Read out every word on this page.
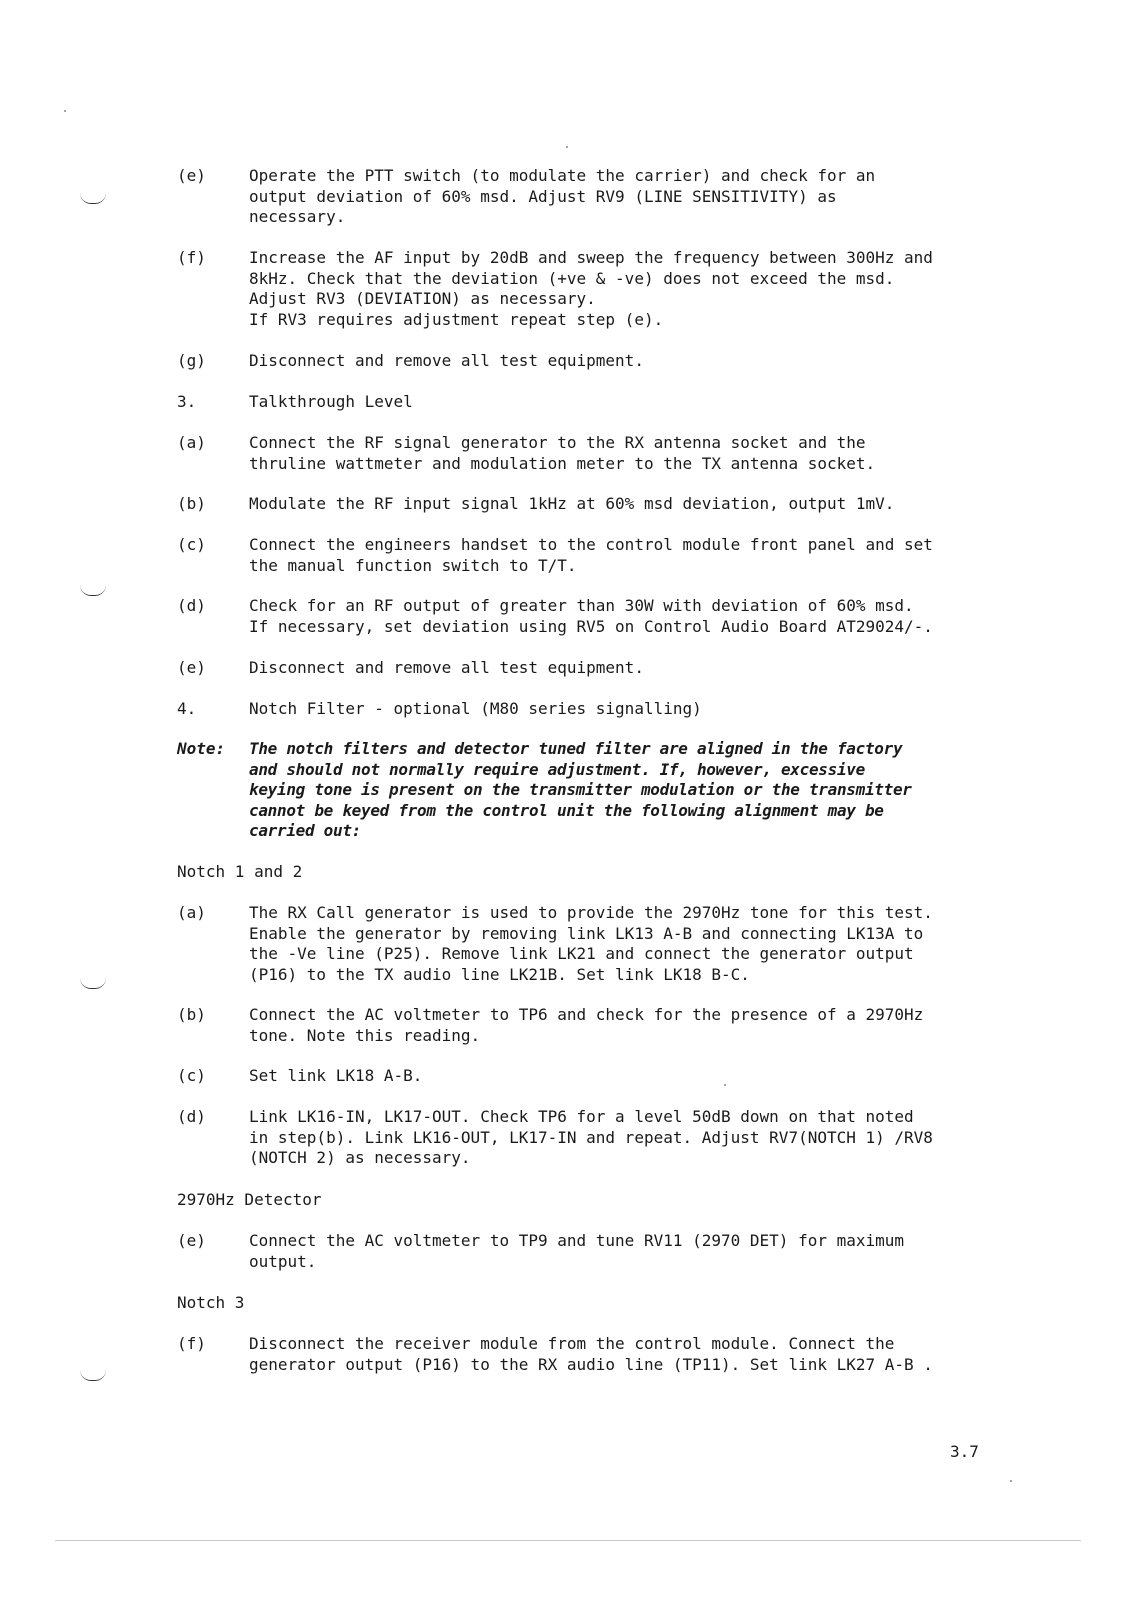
(e)	Operate the PTT switch (to modulate the carrier) and check for an
output deviation of 60% msd. Adjust RV9 (LINE SENSITIVITY) as
necessary.
(f)	Increase the AF input by 20dB and sweep the frequency between 300Hz and
8kHz. Check that the deviation (+ve & -ve) does not exceed the msd.
Adjust RV3 (DEVIATION) as necessary.
If RV3 requires adjustment repeat step (e).
(g)	Disconnect and remove all test equipment.
3.	Talkthrough Level
(a)	Connect the RF signal generator to the RX antenna socket and the
thruline wattmeter and modulation meter to the TX antenna socket.
(b)	Modulate the RF input signal 1kHz at 60% msd deviation, output 1mV.
(c)	Connect the engineers handset to the control module front panel and set
the manual function switch to T/T.
(d)	Check for an RF output of greater than 30W with deviation of 60% msd.
If necessary, set deviation using RV5 on Control Audio Board AT29024/-.
(e)	Disconnect and remove all test equipment.
4.	Notch Filter - optional (M80 series signalling)
Note:	The notch filters and detector tuned filter are aligned in the factory
and should not normally require adjustment. If, however, excessive
keying tone is present on the transmitter modulation or the transmitter
cannot be keyed from the control unit the following alignment may be
carried out:
Notch 1 and 2
(a)	The RX Call generator is used to provide the 2970Hz tone for this test.
Enable the generator by removing link LK13 A-B and connecting LK13A to
the -Ve line (P25). Remove link LK21 and connect the generator output
(P16) to the TX audio line LK21B. Set link LK18 B-C.
(b)	Connect the AC voltmeter to TP6 and check for the presence of a 2970Hz
tone. Note this reading.
(c)	Set link LK18 A-B.
(d)	Link LK16-IN, LK17-OUT. Check TP6 for a level 50dB down on that noted
in step(b). Link LK16-OUT, LK17-IN and repeat. Adjust RV7(NOTCH 1) /RV8
(NOTCH 2) as necessary.
2970Hz Detector
(e)	Connect the AC voltmeter to TP9 and tune RV11 (2970 DET) for maximum
output.
Notch 3
(f)	Disconnect the receiver module from the control module. Connect the
generator output (P16) to the RX audio line (TP11). Set link LK27 A-B .
3.7
